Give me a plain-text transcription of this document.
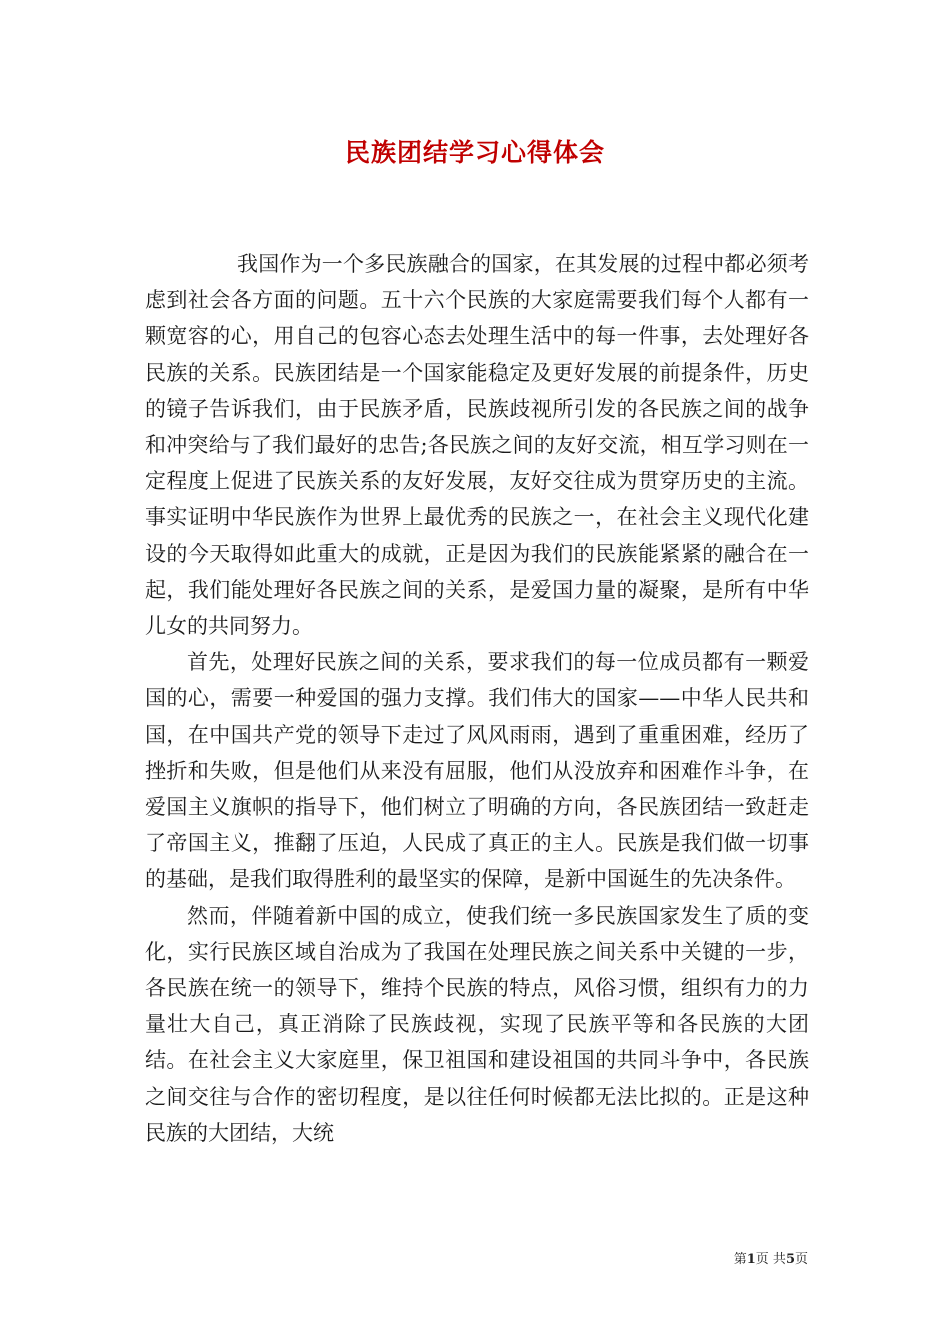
民族团结学习心得体会

我国作为一个多民族融合的国家，在其发展的过程中都必须考虑到社会各方面的问题。五十六个民族的大家庭需要我们每个人都有一颗宽容的心，用自己的包容心态去处理生活中的每一件事，去处理好各民族的关系。民族团结是一个国家能稳定及更好发展的前提条件，历史的镜子告诉我们，由于民族矛盾，民族歧视所引发的各民族之间的战争和冲突给与了我们最好的忠告;各民族之间的友好交流，相互学习则在一定程度上促进了民族关系的友好发展，友好交往成为贯穿历史的主流。事实证明中华民族作为世界上最优秀的民族之一，在社会主义现代化建设的今天取得如此重大的成就，正是因为我们的民族能紧紧的融合在一起，我们能处理好各民族之间的关系，是爱国力量的凝聚，是所有中华儿女的共同努力。

首先，处理好民族之间的关系，要求我们的每一位成员都有一颗爱国的心，需要一种爱国的强力支撑。我们伟大的国家——中华人民共和国，在中国共产党的领导下走过了风风雨雨，遇到了重重困难，经历了挫折和失败，但是他们从来没有屈服，他们从没放弃和困难作斗争，在爱国主义旗帜的指导下，他们树立了明确的方向，各民族团结一致赶走了帝国主义，推翻了压迫，人民成了真正的主人。民族是我们做一切事的基础，是我们取得胜利的最坚实的保障，是新中国诞生的先决条件。

然而，伴随着新中国的成立，使我们统一多民族国家发生了质的变化，实行民族区域自治成为了我国在处理民族之间关系中关键的一步，各民族在统一的领导下，维持个民族的特点，风俗习惯，组织有力的力量壮大自己，真正消除了民族歧视，实现了民族平等和各民族的大团结。在社会主义大家庭里，保卫祖国和建设祖国的共同斗争中，各民族之间交往与合作的密切程度，是以往任何时候都无法比拟的。正是这种民族的大团结，大统

第1页 共5页
